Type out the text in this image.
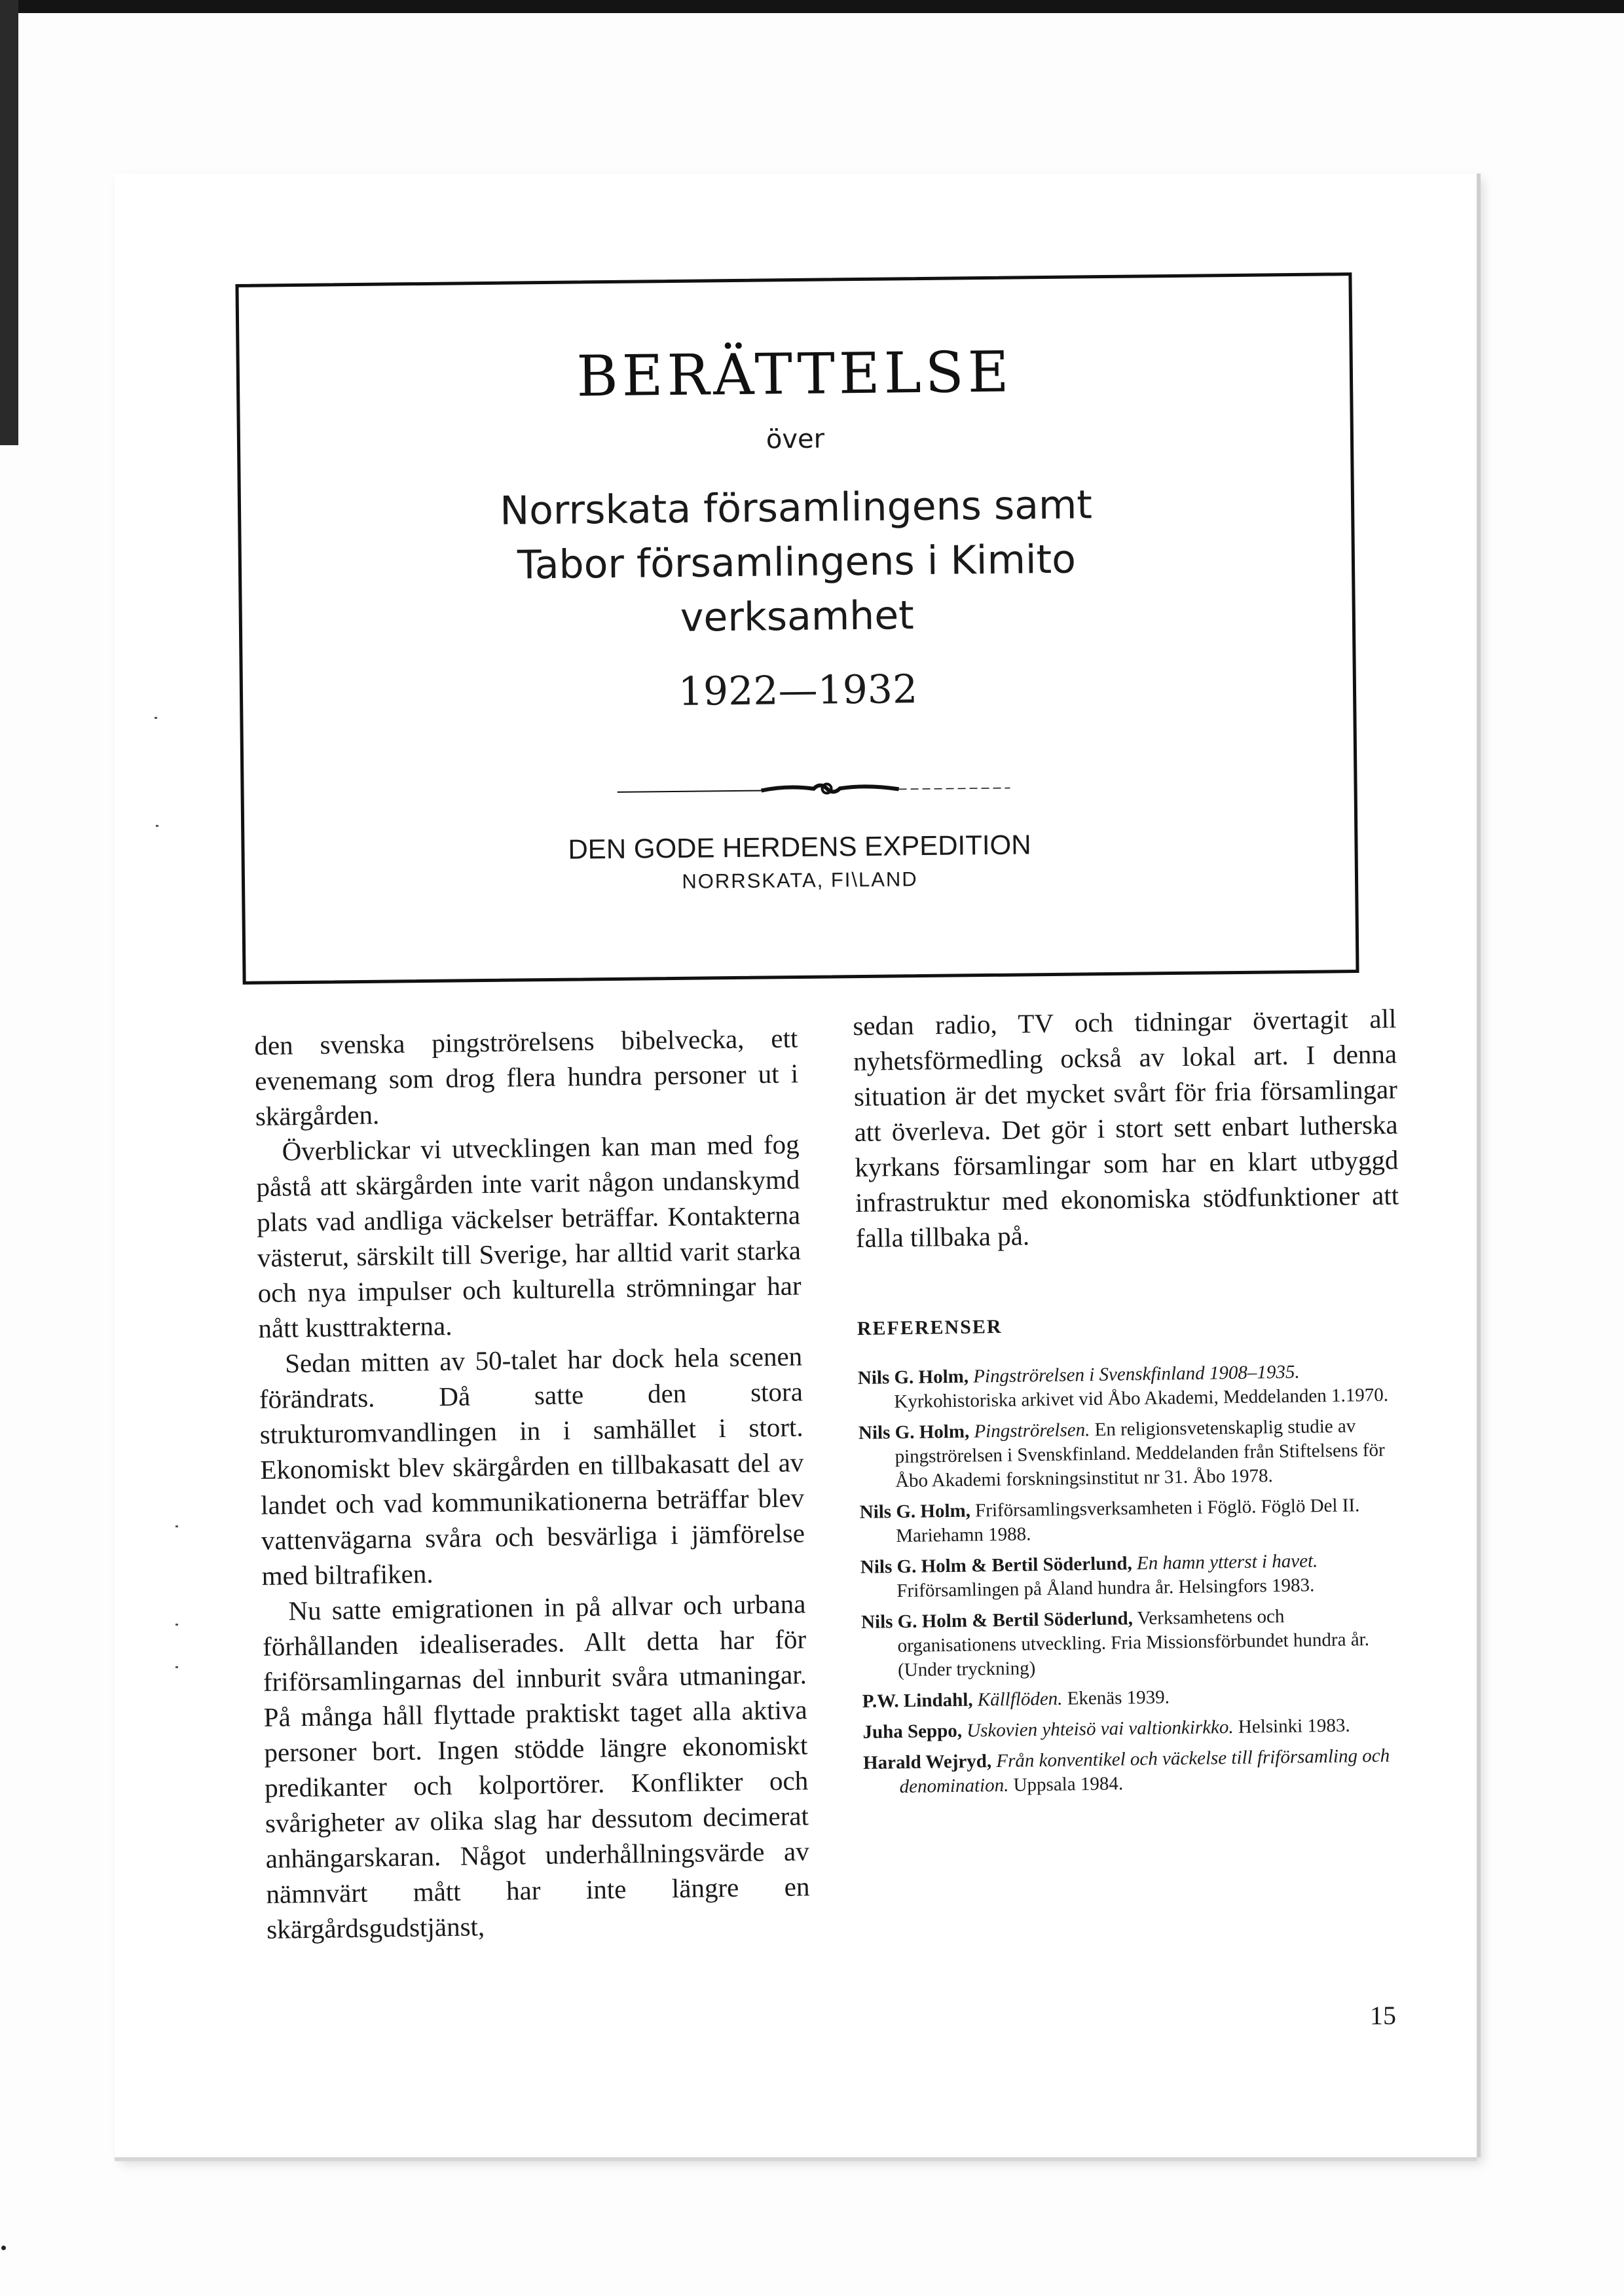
BERÄTTELSE
över
Norrskata församlingens samt
Tabor församlingens i Kimito
verksamhet
1922—1932
DEN GODE HERDENS EXPEDITION
NORRSKATA, FI\LAND

den svenska pingströrelsens bibelvecka, ett evenemang som drog flera hundra personer ut i skärgården.

Överblickar vi utvecklingen kan man med fog påstå att skärgården inte varit någon undanskymd plats vad andliga väckelser beträffar. Kontakterna västerut, särskilt till Sverige, har alltid varit starka och nya impulser och kulturella strömningar har nått kusttrakterna.

Sedan mitten av 50-talet har dock hela scenen förändrats. Då satte den stora strukturomvandlingen in i samhället i stort. Ekonomiskt blev skärgården en tillbakasatt del av landet och vad kommunikationerna beträffar blev vattenvägarna svåra och besvärliga i jämförelse med biltrafiken.

Nu satte emigrationen in på allvar och urbana förhållanden idealiserades. Allt detta har för friförsamlingarnas del innburit svåra utmaningar. På många håll flyttade praktiskt taget alla aktiva personer bort. Ingen stödde längre ekonomiskt predikanter och kolportörer. Konflikter och svårigheter av olika slag har dessutom decimerat anhängarskaran. Något underhållningsvärde av nämnvärt mått har inte längre en skärgårdsgudstjänst,

sedan radio, TV och tidningar övertagit all nyhetsförmedling också av lokal art. I denna situation är det mycket svårt för fria församlingar att överleva. Det gör i stort sett enbart lutherska kyrkans församlingar som har en klart utbyggd infrastruktur med ekonomiska stödfunktioner att falla tillbaka på.

REFERENSER
Nils G. Holm, Pingströrelsen i Svenskfinland 1908–1935. Kyrkohistoriska arkivet vid Åbo Akademi, Meddelanden 1.1970.
Nils G. Holm, Pingströrelsen. En religionsvetenskaplig studie av pingströrelsen i Svenskfinland. Meddelanden från Stiftelsens för Åbo Akademi forskningsinstitut nr 31. Åbo 1978.
Nils G. Holm, Friförsamlingsverksamheten i Föglö. Föglö Del II. Mariehamn 1988.
Nils G. Holm & Bertil Söderlund, En hamn ytterst i havet. Friförsamlingen på Åland hundra år. Helsingfors 1983.
Nils G. Holm & Bertil Söderlund, Verksamhetens och organisationens utveckling. Fria Missionsförbundet hundra år. (Under tryckning)
P.W. Lindahl, Källflöden. Ekenäs 1939.
Juha Seppo, Uskovien yhteisö vai valtionkirkko. Helsinki 1983.
Harald Wejryd, Från konventikel och väckelse till friförsamling och denomination. Uppsala 1984.
15
